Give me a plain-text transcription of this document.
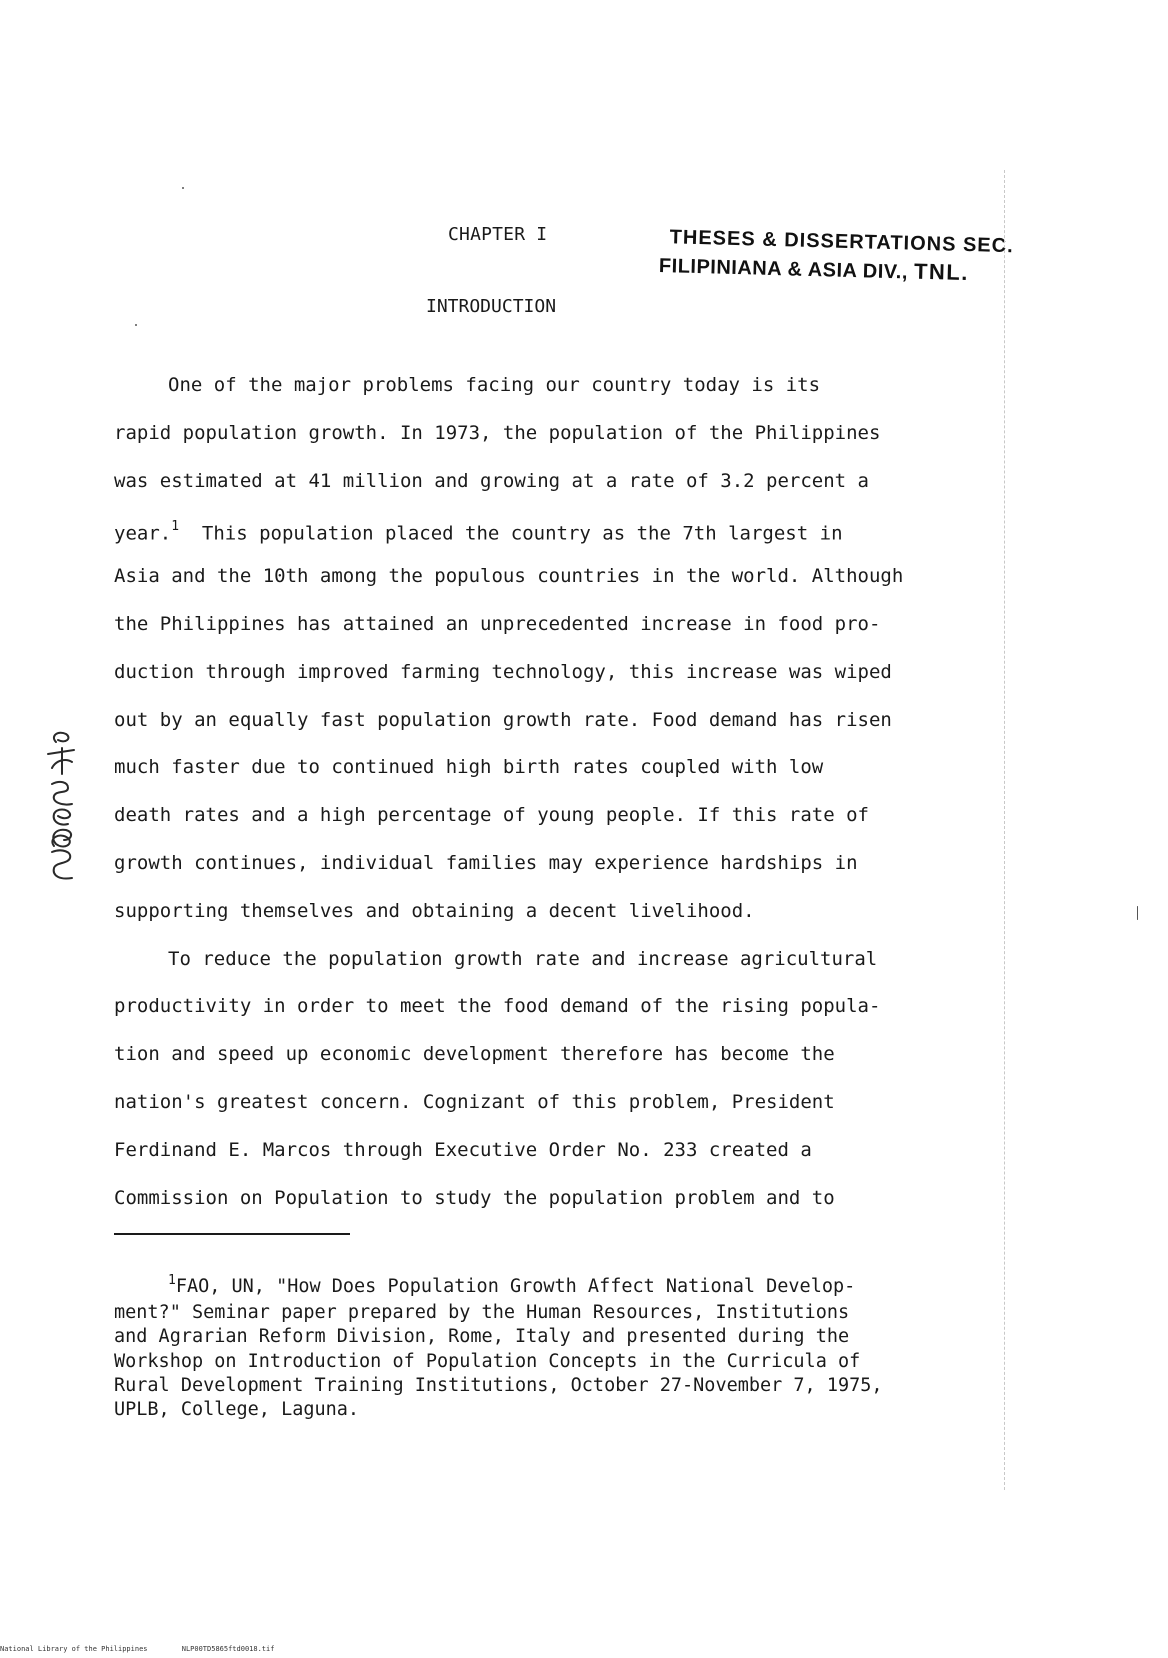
CHAPTER I	THESES & DISSERTATIONS SEC.
FILIPINIANA & ASIA DIV., TNL.
INTRODUCTION
One of the major problems facing our country today is its
rapid population growth. In 1973, the population of the Philippines
was estimated at 41 million and growing at a rate of 3.2 percent a
year.$^1$ This population placed the country as the 7th largest in
Asia and the 10th among the populous countries in the world. Although
the Philippines has attained an unprecedented increase in food pro-
duction through improved farming technology, this increase was wiped
out by an equally fast population growth rate. Food demand has risen
much faster due to continued high birth rates coupled with low
death rates and a high percentage of young people. If this rate of
growth continues, individual families may experience hardships in
supporting themselves and obtaining a decent livelihood.
To reduce the population growth rate and increase agricultural
productivity in order to meet the food demand of the rising popula-
tion and speed up economic development therefore has become the
nation's greatest concern. Cognizant of this problem, President
Ferdinand E. Marcos through Executive Order No. 233 created a
Commission on Population to study the population problem and to
$^1$FAO, UN, "How Does Population Growth Affect National Develop-
ment?" Seminar paper prepared by the Human Resources, Institutions
and Agrarian Reform Division, Rome, Italy and presented during the
Workshop on Introduction of Population Concepts in the Curricula of
Rural Development Training Institutions, October 27-November 7, 1975,
UPLB, College, Laguna.
National Library of the Philippines	NLP00TD5865ftd0018.tif
